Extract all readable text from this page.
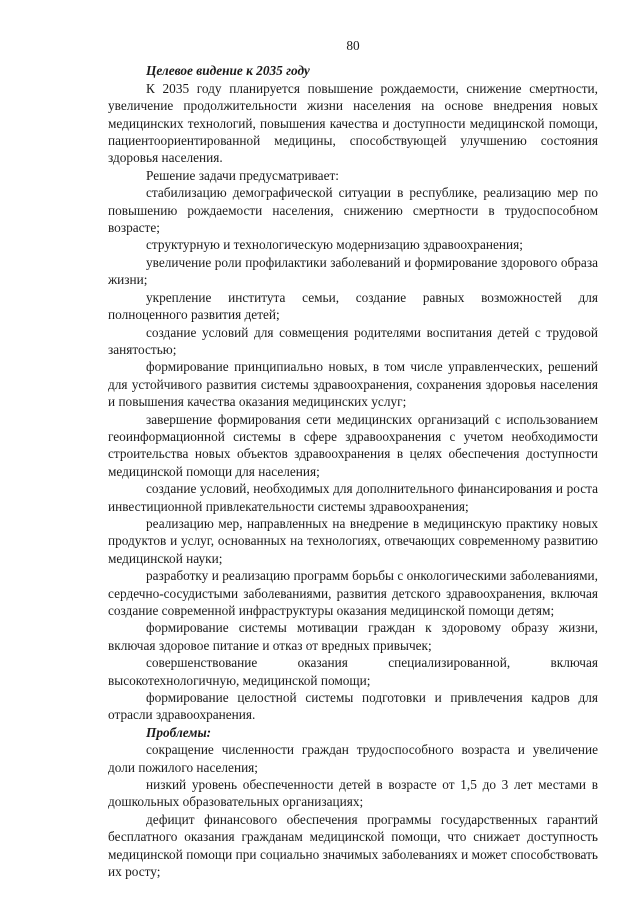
80

Целевое видение к 2035 году

К 2035 году планируется повышение рождаемости, снижение смертности, увеличение продолжительности жизни населения на основе внедрения новых медицинских технологий, повышения качества и доступности медицинской помощи, пациентоориентированной медицины, способствующей улучшению состояния здоровья населения.

Решение задачи предусматривает:

стабилизацию демографической ситуации в республике, реализацию мер по повышению рождаемости населения, снижению смертности в трудоспособном возрасте;

структурную и технологическую модернизацию здравоохранения;

увеличение роли профилактики заболеваний и формирование здорового образа жизни;

укрепление института семьи, создание равных возможностей для полноценного развития детей;

создание условий для совмещения родителями воспитания детей с трудовой занятостью;

формирование принципиально новых, в том числе управленческих, решений для устойчивого развития системы здравоохранения, сохранения здоровья населения и повышения качества оказания медицинских услуг;

завершение формирования сети медицинских организаций с использованием геоинформационной системы в сфере здравоохранения с учетом необходимости строительства новых объектов здравоохранения в целях обеспечения доступности медицинской помощи для населения;

создание условий, необходимых для дополнительного финансирования и роста инвестиционной привлекательности системы здравоохранения;

реализацию мер, направленных на внедрение в медицинскую практику новых продуктов и услуг, основанных на технологиях, отвечающих современному развитию медицинской науки;

разработку и реализацию программ борьбы с онкологическими заболеваниями, сердечно-сосудистыми заболеваниями, развития детского здравоохранения, включая создание современной инфраструктуры оказания медицинской помощи детям;

формирование системы мотивации граждан к здоровому образу жизни, включая здоровое питание и отказ от вредных привычек;

совершенствование оказания специализированной, включая высокотехнологичную, медицинской помощи;

формирование целостной системы подготовки и привлечения кадров для отрасли здравоохранения.

Проблемы:

сокращение численности граждан трудоспособного возраста и увеличение доли пожилого населения;

низкий уровень обеспеченности детей в возрасте от 1,5 до 3 лет местами в дошкольных образовательных организациях;

дефицит финансового обеспечения программы государственных гарантий бесплатного оказания гражданам медицинской помощи, что снижает доступность медицинской помощи при социально значимых заболеваниях и может способствовать их росту;
